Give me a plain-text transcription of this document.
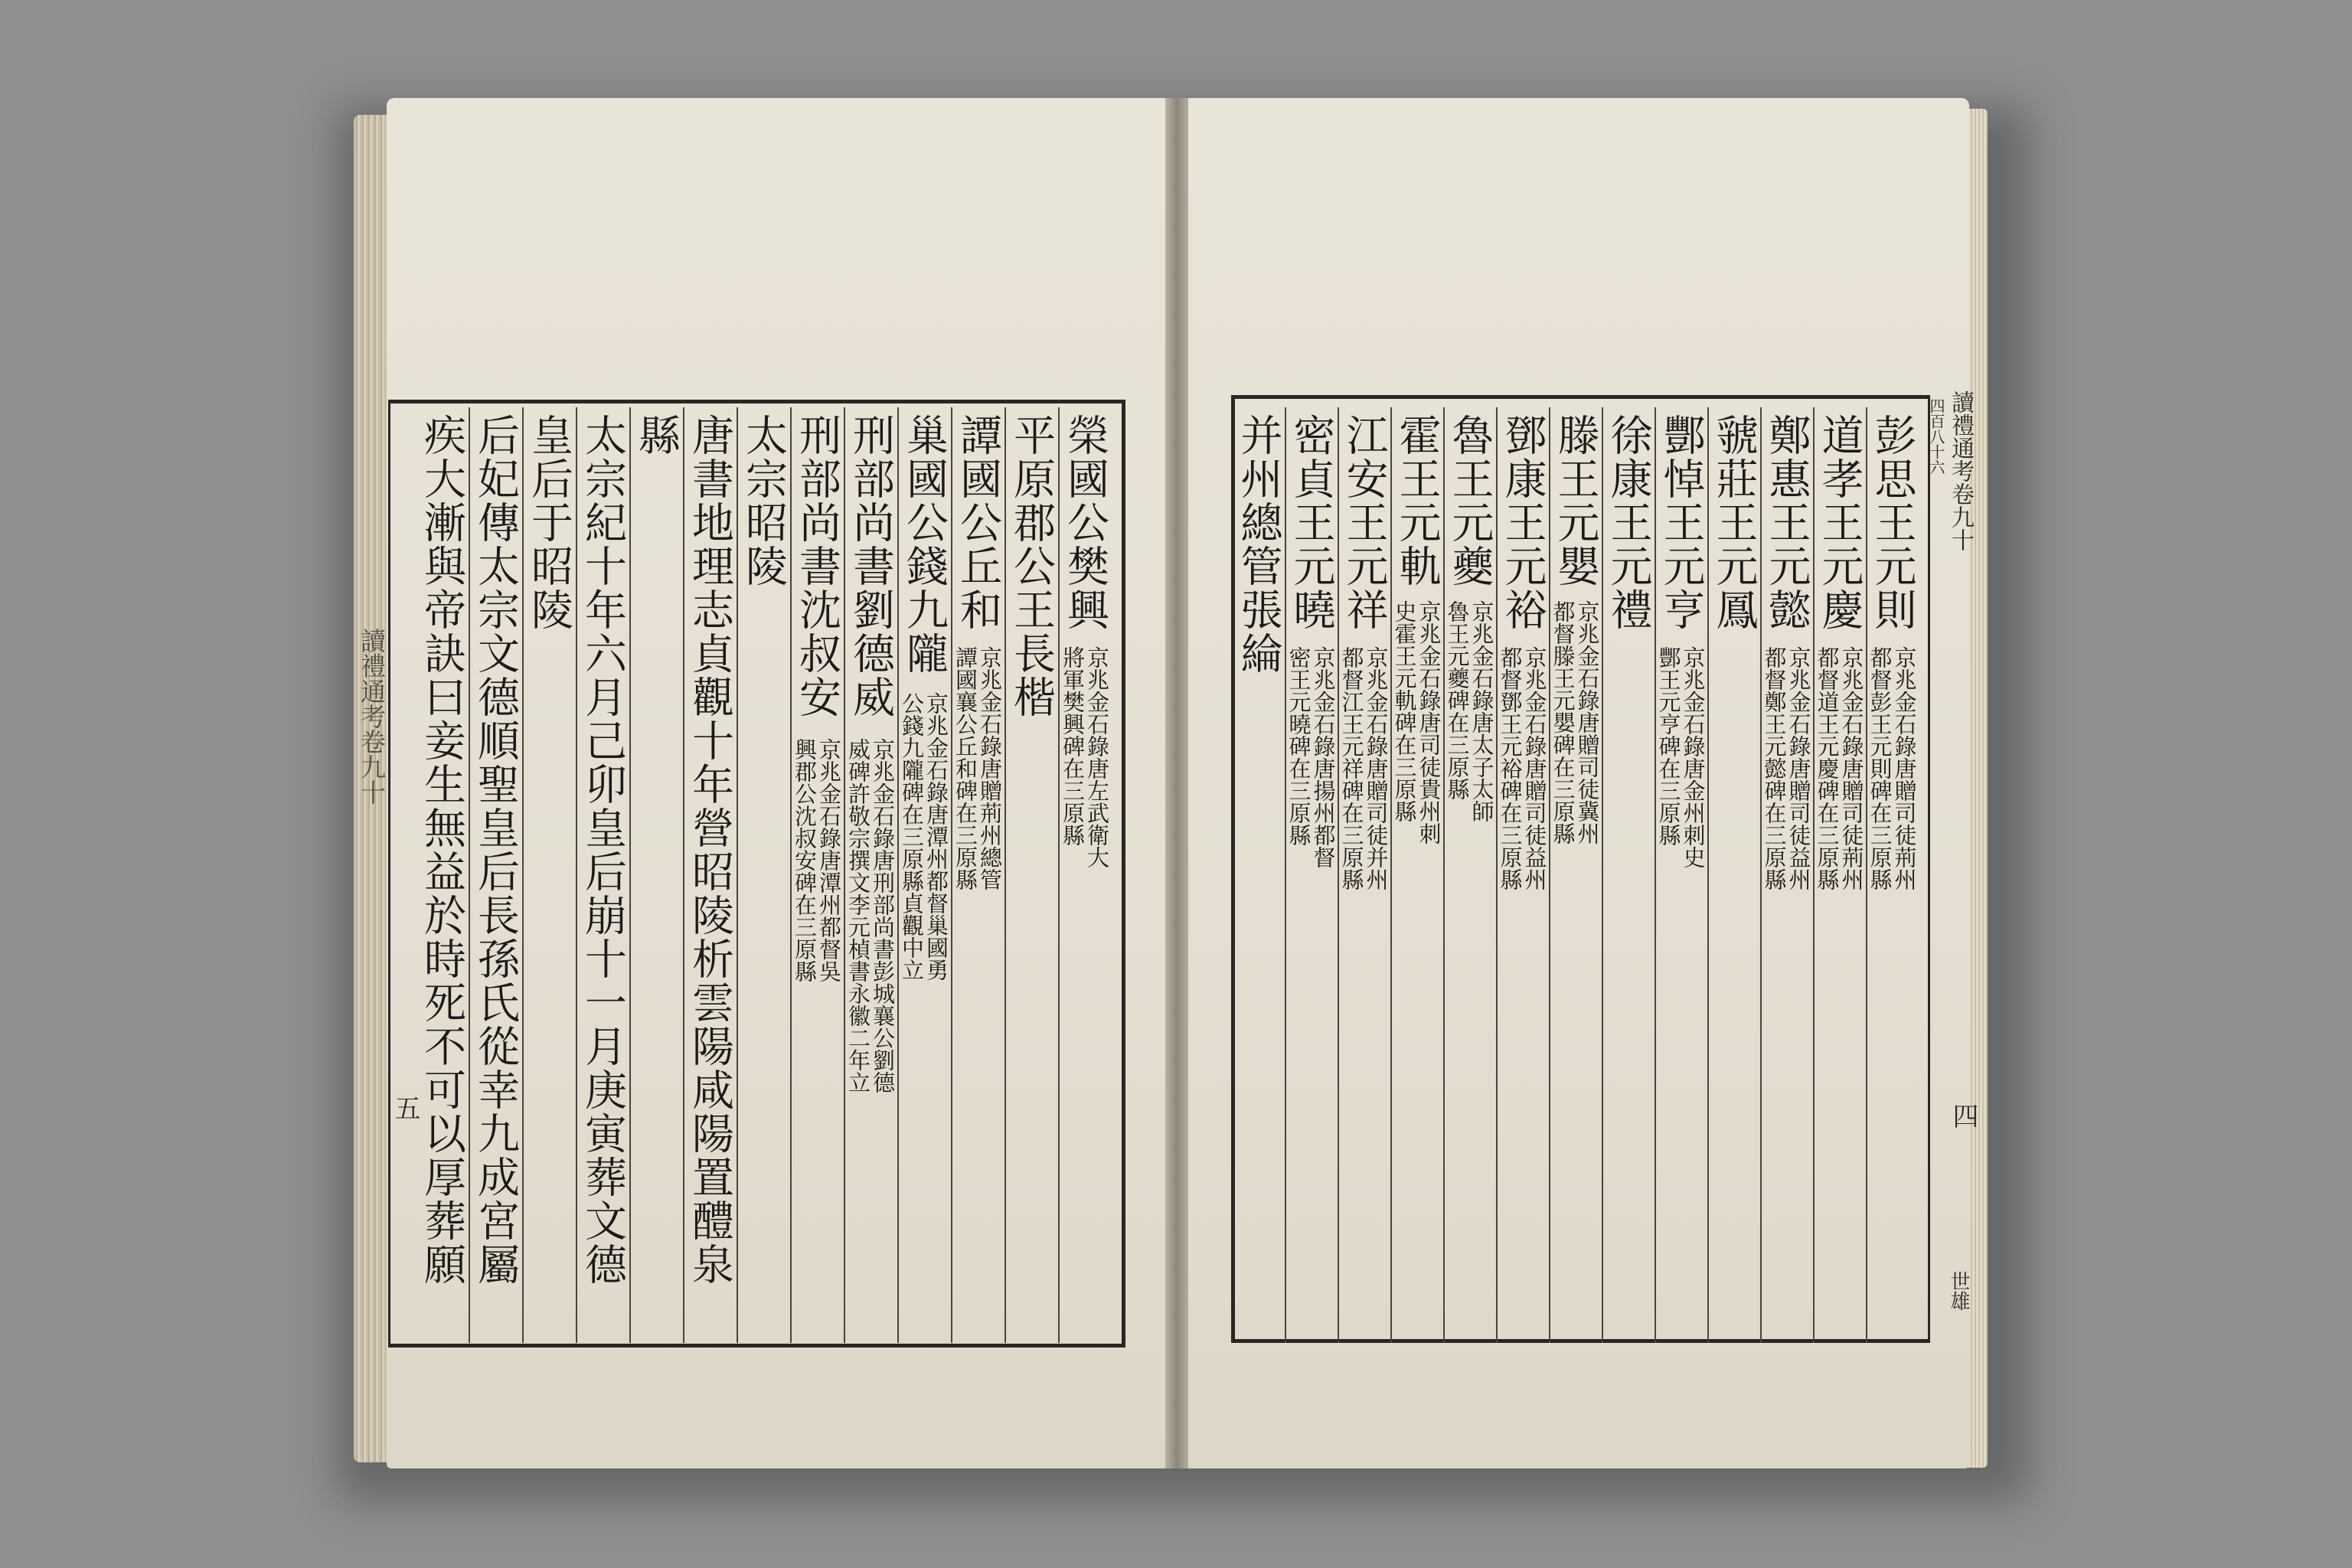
讀禮通考卷九十
五
讀禮通考卷九十
四百八十六
四
世雄
榮國公樊興
京兆金石錄唐左武衛大
將軍樊興碑在三原縣
平原郡公王長楷
譚國公丘和
京兆金石錄唐贈荊州總管
譚國襄公丘和碑在三原縣
巢國公錢九隴
京兆金石錄唐潭州都督巢國勇
公錢九隴碑在三原縣貞觀中立
刑部尚書劉德威
京兆金石錄唐刑部尚書彭城襄公劉德
威碑許敬宗撰文李元楨書永徽二年立
刑部尚書沈叔安
京兆金石錄唐潭州都督吳
興郡公沈叔安碑在三原縣
太宗昭陵
唐書地理志貞觀十年營昭陵析雲陽咸陽置醴泉
縣
太宗紀十年六月己卯皇后崩十一月庚寅葬文德
皇后于昭陵
后妃傳太宗文德順聖皇后長孫氏從幸九成宮屬
疾大漸與帝訣曰妾生無益於時死不可以厚葬願	彭思王元則
京兆金石錄唐贈司徒荊州
都督彭王元則碑在三原縣
道孝王元慶
京兆金石錄唐贈司徒荊州
都督道王元慶碑在三原縣
鄭惠王元懿
京兆金石錄唐贈司徒益州
都督鄭王元懿碑在三原縣
虢莊王元鳳
酆悼王元亨
京兆金石錄唐金州刺史
酆王元亨碑在三原縣
徐康王元禮
滕王元嬰
京兆金石錄唐贈司徒冀州
都督滕王元嬰碑在三原縣
鄧康王元裕
京兆金石錄唐贈司徒益州
都督鄧王元裕碑在三原縣
魯王元夔
京兆金石錄唐太子太師
魯王元夔碑在三原縣
霍王元軌
京兆金石錄唐司徒貴州刺
史霍王元軌碑在三原縣
江安王元祥
京兆金石錄唐贈司徒并州
都督江王元祥碑在三原縣
密貞王元曉
京兆金石錄唐揚州都督
密王元曉碑在三原縣
并州總管張綸
